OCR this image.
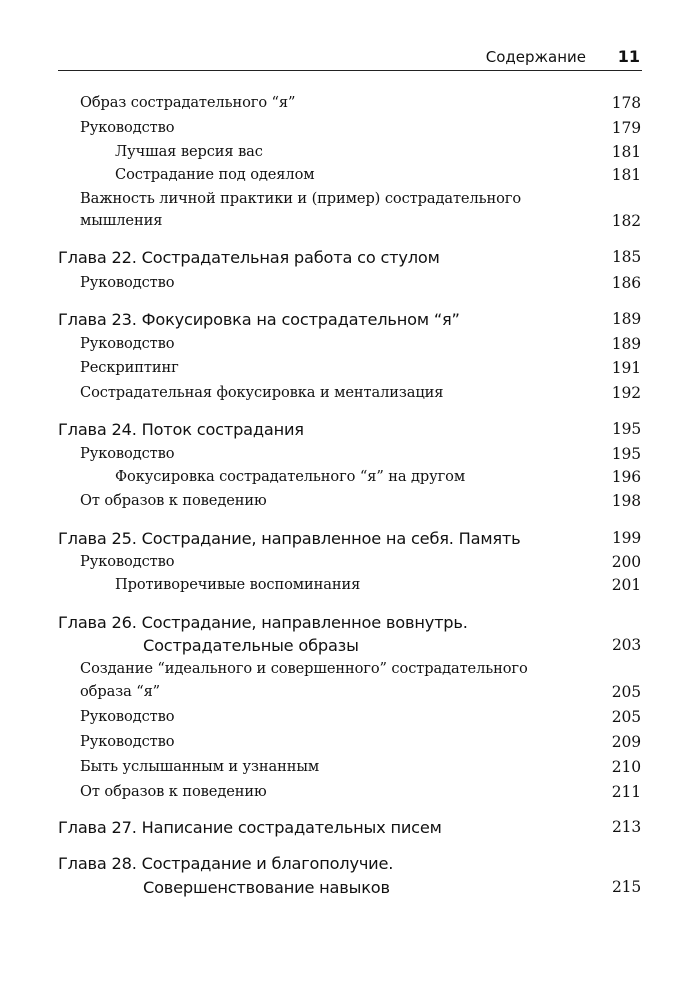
Содержание 11
Образ сострадательного “я”	178
Руководство	179
Лучшая версия вас	181
Сострадание под одеялом	181
Важность личной практики и (пример) сострадательного
мышления	182
Глава 22. Сострадательная работа со стулом	185
Руководство	186
Глава 23. Фокусировка на сострадательном “я”	189
Руководство	189
Рескриптинг	191
Сострадательная фокусировка и ментализация	192
Глава 24. Поток сострадания	195
Руководство	195
Фокусировка сострадательного “я” на другом	196
От образов к поведению	198
Глава 25. Сострадание, направленное на себя. Память	199
Руководство	200
Противоречивые воспоминания	201
Глава 26. Сострадание, направленное вовнутрь.
Сострадательные образы	203
Создание “идеального и совершенного” сострадательного
образа “я”	205
Руководство	205
Руководство	209
Быть услышанным и узнанным	210
От образов к поведению	211
Глава 27. Написание сострадательных писем	213
Глава 28. Сострадание и благополучие.
Совершенствование навыков	215
